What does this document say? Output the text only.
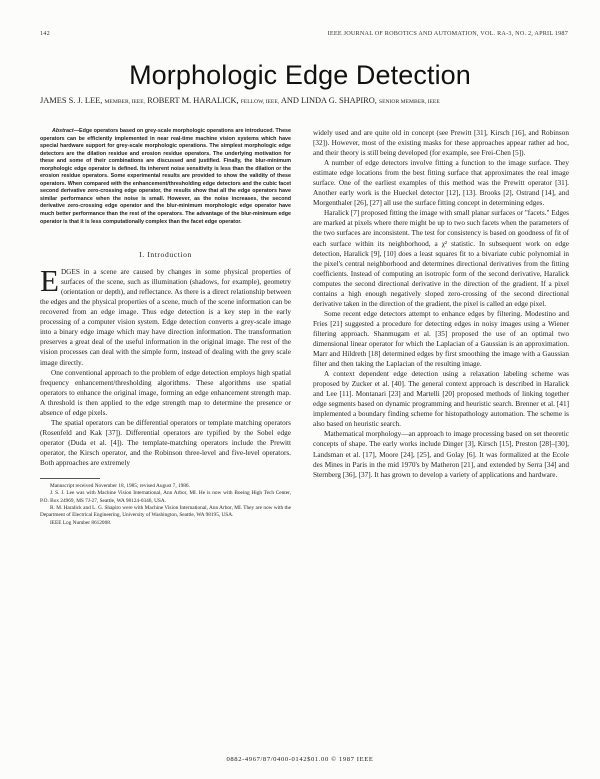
142	IEEE JOURNAL OF ROBOTICS AND AUTOMATION, VOL. RA-3, NO. 2, APRIL 1987
Morphologic Edge Detection
JAMES S. J. LEE, MEMBER, IEEE, ROBERT M. HARALICK, FELLOW, IEEE, AND LINDA G. SHAPIRO, SENIOR MEMBER, IEEE

Abstract—Edge operators based on grey-scale morphologic operations are introduced. These operators can be efficiently implemented in near real-time machine vision systems which have special hardware support for grey-scale morphologic operations. The simplest morphologic edge detectors are the dilation residue and erosion residue operators. The underlying motivation for these and some of their combinations are discussed and justified. Finally, the blur-minimum morphologic edge operator is defined. Its inherent noise sensitivity is less than the dilation or the erosion residue operators. Some experimental results are provided to show the validity of these operators. When compared with the enhancement/thresholding edge detectors and the cubic facet second derivative zero-crossing edge operator, the results show that all the edge operators have similar performance when the noise is small. However, as the noise increases, the second derivative zero-crossing edge operator and the blur-minimum morphologic edge operator have much better performance than the rest of the operators. The advantage of the blur-minimum edge operator is that it is less computationally complex than the facet edge operator.

I. Introduction

EDGES in a scene are caused by changes in some physical properties of surfaces of the scene, such as illumination (shadows, for example), geometry (orientation or depth), and reflectance. As there is a direct relationship between the edges and the physical properties of a scene, much of the scene information can be recovered from an edge image. Thus edge detection is a key step in the early processing of a computer vision system. Edge detection converts a grey-scale image into a binary edge image which may have direction information. The transformation preserves a great deal of the useful information in the original image. The rest of the vision processes can deal with the simple form, instead of dealing with the grey scale image directly.

One conventional approach to the problem of edge detection employs high spatial frequency enhancement/thresholding algorithms. These algorithms use spatial operators to enhance the original image, forming an edge enhancement strength map. A threshold is then applied to the edge strength map to determine the presence or absence of edge pixels.

The spatial operators can be differential operators or template matching operators (Rosenfeld and Kak [37]). Differential operators are typified by the Sobel edge operator (Duda et al. [4]). The template-matching operators include the Prewitt operator, the Kirsch operator, and the Robinson three-level and five-level operators. Both approaches are extremely

Manuscript received November 18, 1985; revised August 7, 1986.

J. S. J. Lee was with Machine Vision International, Ann Arbor, MI. He is now with Boeing High Tech Center, P.O. Box 24969, MS 7J-27, Seattle, WA 98124-0346, USA.

R. M. Haralick and L. G. Shapiro were with Machine Vision International, Ann Arbor, MI. They are now with the Department of Electrical Engineering, University of Washington, Seattle, WA 98195, USA.

IEEE Log Number 8612008.

widely used and are quite old in concept (see Prewitt [31], Kirsch [16], and Robinson [32]). However, most of the existing masks for these approaches appear rather ad hoc, and their theory is still being developed (for example, see Frei-Chen [5]).

A number of edge detectors involve fitting a function to the image surface. They estimate edge locations from the best fitting surface that approximates the real image surface. One of the earliest examples of this method was the Prewitt operator [31]. Another early work is the Hueckel detector [12], [13]. Brooks [2], Ostrand [14], and Morgenthaler [26], [27] all use the surface fitting concept in determining edges.

Haralick [7] proposed fitting the image with small planar surfaces or "facets." Edges are marked at pixels where there might be up to two such facets when the parameters of the two surfaces are inconsistent. The test for consistency is based on goodness of fit of each surface within its neighborhood, a χ² statistic. In subsequent work on edge detection, Haralick [9], [10] does a least squares fit to a bivariate cubic polynomial in the pixel's central neighborhood and determines directional derivatives from the fitting coefficients. Instead of computing an isotropic form of the second derivative, Haralick computes the second directional derivative in the direction of the gradient. If a pixel contains a high enough negatively sloped zero-crossing of the second directional derivative taken in the direction of the gradient, the pixel is called an edge pixel.

Some recent edge detectors attempt to enhance edges by filtering. Modestino and Fries [21] suggested a procedure for detecting edges in noisy images using a Wiener filtering approach. Shanmugam et al. [35] proposed the use of an optimal two dimensional linear operator for which the Laplacian of a Gaussian is an approximation. Marr and Hildreth [18] determined edges by first smoothing the image with a Gaussian filter and then taking the Laplacian of the resulting image.

A context dependent edge detection using a relaxation labeling scheme was proposed by Zucker et al. [40]. The general context approach is described in Haralick and Lee [11]. Montanari [23] and Martelli [20] proposed methods of linking together edge segments based on dynamic programming and heuristic search. Brenner et al. [41] implemented a boundary finding scheme for histopathology automation. The scheme is also based on heuristic search.

Mathematical morphology—an approach to image processing based on set theoretic concepts of shape. The early works include Dinger [3], Kirsch [15], Preston [28]–[30], Landsman et al. [17], Moore [24], [25], and Golay [6]. It was formalized at the Ecole des Mines in Paris in the mid 1970's by Matheron [21], and extended by Serra [34] and Sternberg [36], [37]. It has grown to develop a variety of applications and hardware.

0882-4967/87/0400-0142$01.00 © 1987 IEEE
